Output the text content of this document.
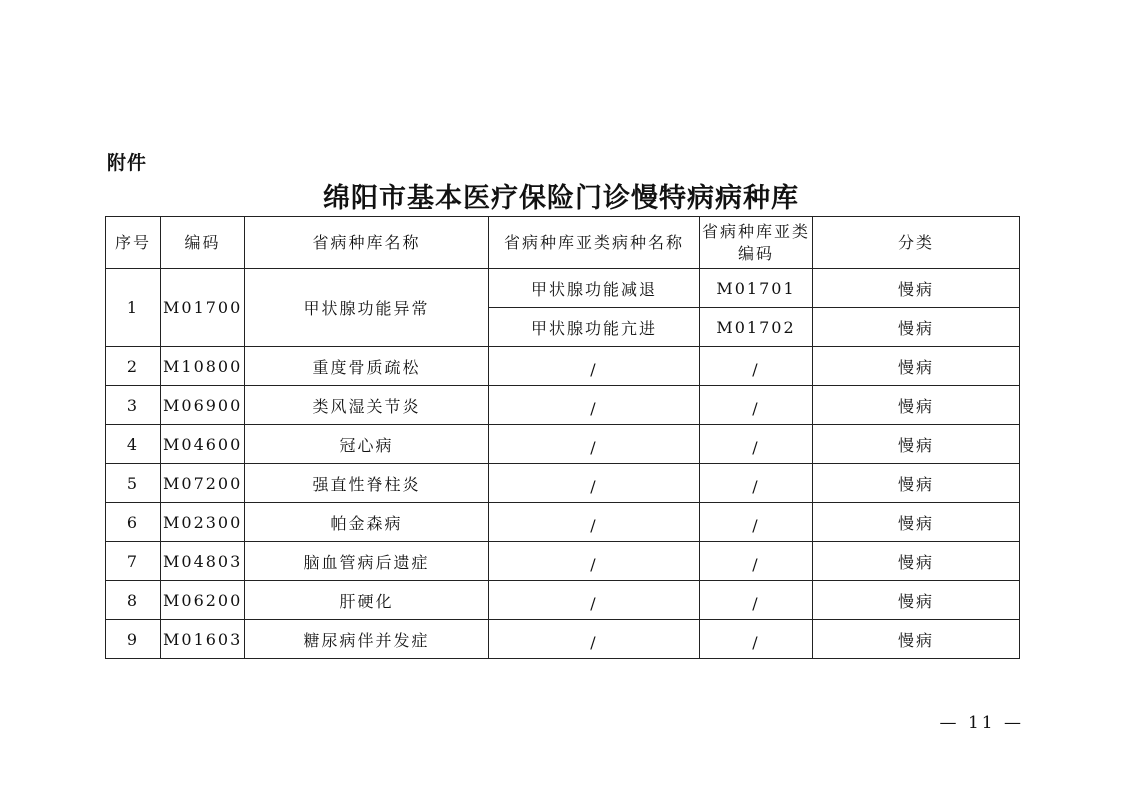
附件
绵阳市基本医疗保险门诊慢特病病种库
序号	编码	省病种库名称	省病种库亚类病种名称	省病种库亚类编码	分类
1	M01700	甲状腺功能异常	甲状腺功能减退	M01701	慢病
			甲状腺功能亢进	M01702	慢病
2	M10800	重度骨质疏松	/	/	慢病
3	M06900	类风湿关节炎	/	/	慢病
4	M04600	冠心病	/	/	慢病
5	M07200	强直性脊柱炎	/	/	慢病
6	M02300	帕金森病	/	/	慢病
7	M04803	脑血管病后遗症	/	/	慢病
8	M06200	肝硬化	/	/	慢病
9	M01603	糖尿病伴并发症	/	/	慢病
— 11 —
